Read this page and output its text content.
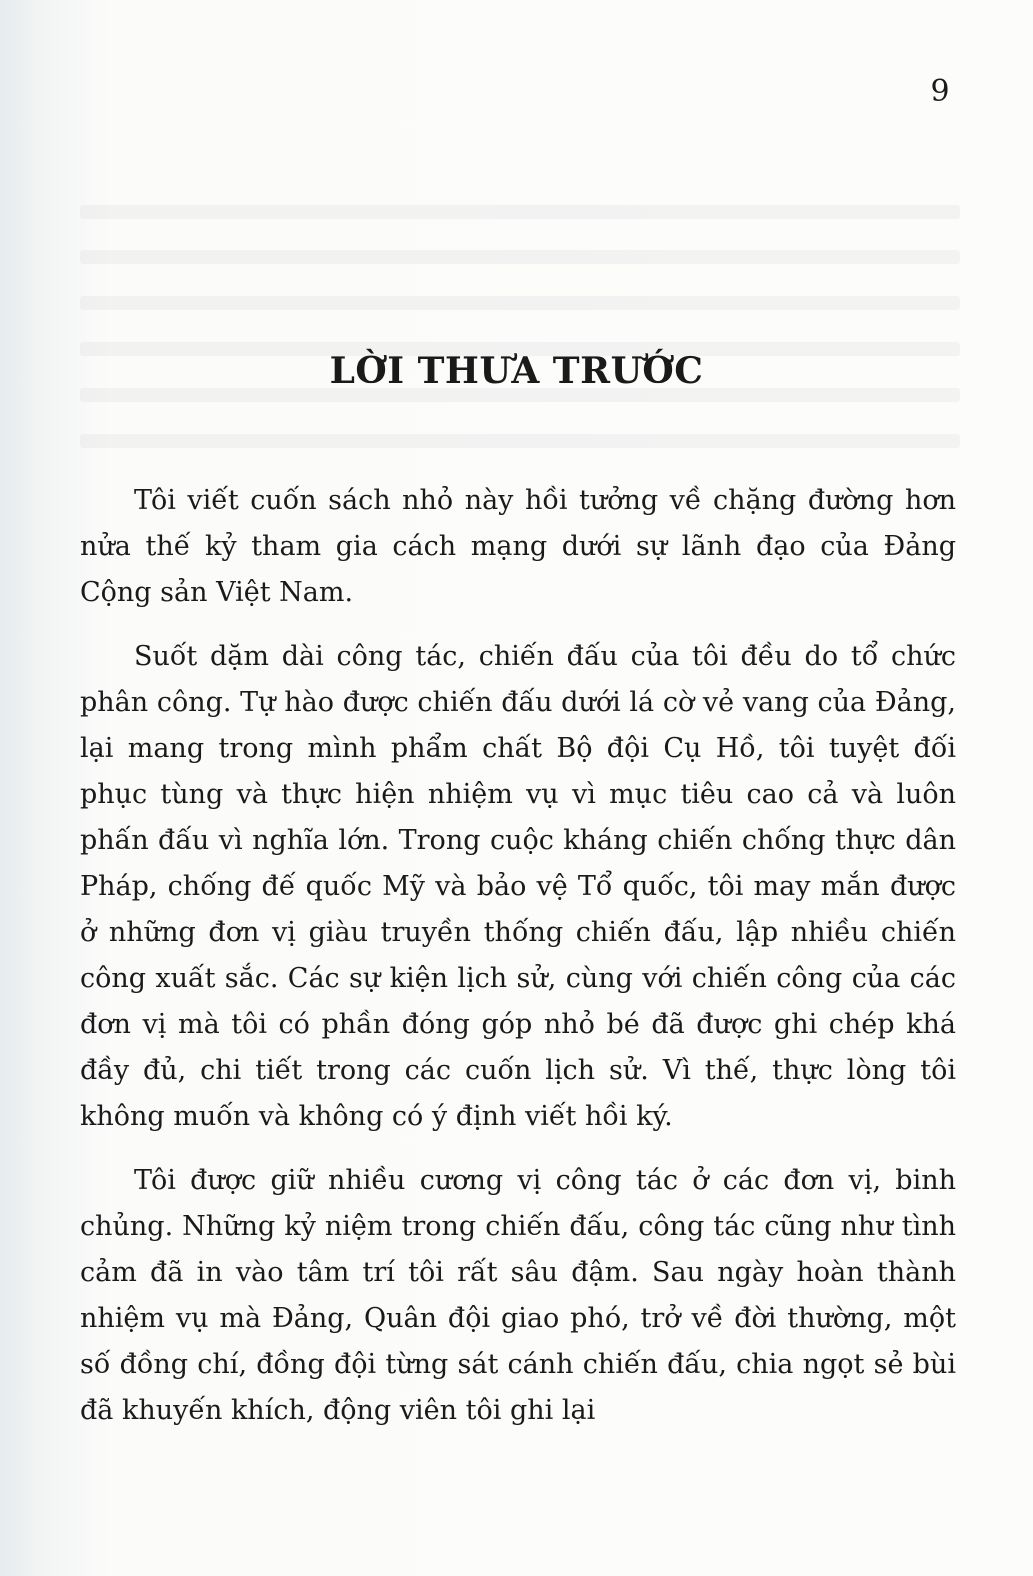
9
LỜI THƯA TRƯỚC

Tôi viết cuốn sách nhỏ này hồi tưởng về chặng đường hơn nửa thế kỷ tham gia cách mạng dưới sự lãnh đạo của Đảng Cộng sản Việt Nam.

Suốt dặm dài công tác, chiến đấu của tôi đều do tổ chức phân công. Tự hào được chiến đấu dưới lá cờ vẻ vang của Đảng, lại mang trong mình phẩm chất Bộ đội Cụ Hồ, tôi tuyệt đối phục tùng và thực hiện nhiệm vụ vì mục tiêu cao cả và luôn phấn đấu vì nghĩa lớn. Trong cuộc kháng chiến chống thực dân Pháp, chống đế quốc Mỹ và bảo vệ Tổ quốc, tôi may mắn được ở những đơn vị giàu truyền thống chiến đấu, lập nhiều chiến công xuất sắc. Các sự kiện lịch sử, cùng với chiến công của các đơn vị mà tôi có phần đóng góp nhỏ bé đã được ghi chép khá đầy đủ, chi tiết trong các cuốn lịch sử. Vì thế, thực lòng tôi không muốn và không có ý định viết hồi ký.

Tôi được giữ nhiều cương vị công tác ở các đơn vị, binh chủng. Những kỷ niệm trong chiến đấu, công tác cũng như tình cảm đã in vào tâm trí tôi rất sâu đậm. Sau ngày hoàn thành nhiệm vụ mà Đảng, Quân đội giao phó, trở về đời thường, một số đồng chí, đồng đội từng sát cánh chiến đấu, chia ngọt sẻ bùi đã khuyến khích, động viên tôi ghi lại
